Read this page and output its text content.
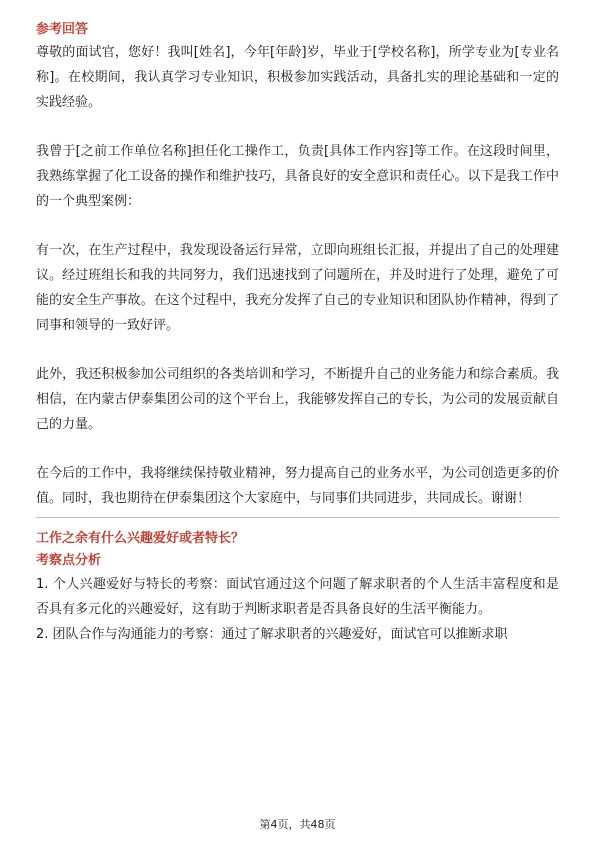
参考回答

尊敬的面试官，您好！我叫[姓名]，今年[年龄]岁，毕业于[学校名称]，所学专业为[专业名称]。在校期间，我认真学习专业知识，积极参加实践活动，具备扎实的理论基础和一定的实践经验。

我曾于[之前工作单位名称]担任化工操作工，负责[具体工作内容]等工作。在这段时间里，我熟练掌握了化工设备的操作和维护技巧，具备良好的安全意识和责任心。以下是我工作中的一个典型案例：

有一次，在生产过程中，我发现设备运行异常，立即向班组长汇报，并提出了自己的处理建议。经过班组长和我的共同努力，我们迅速找到了问题所在，并及时进行了处理，避免了可能的安全生产事故。在这个过程中，我充分发挥了自己的专业知识和团队协作精神，得到了同事和领导的一致好评。

此外，我还积极参加公司组织的各类培训和学习，不断提升自己的业务能力和综合素质。我相信，在内蒙古伊泰集团公司的这个平台上，我能够发挥自己的专长，为公司的发展贡献自己的力量。

在今后的工作中，我将继续保持敬业精神，努力提高自己的业务水平，为公司创造更多的价值。同时，我也期待在伊泰集团这个大家庭中，与同事们共同进步，共同成长。谢谢！

工作之余有什么兴趣爱好或者特长？

考察点分析

1. 个人兴趣爱好与特长的考察：面试官通过这个问题了解求职者的个人生活丰富程度和是否具有多元化的兴趣爱好，这有助于判断求职者是否具备良好的生活平衡能力。

2. 团队合作与沟通能力的考察：通过了解求职者的兴趣爱好，面试官可以推断求职

第4页，共48页
